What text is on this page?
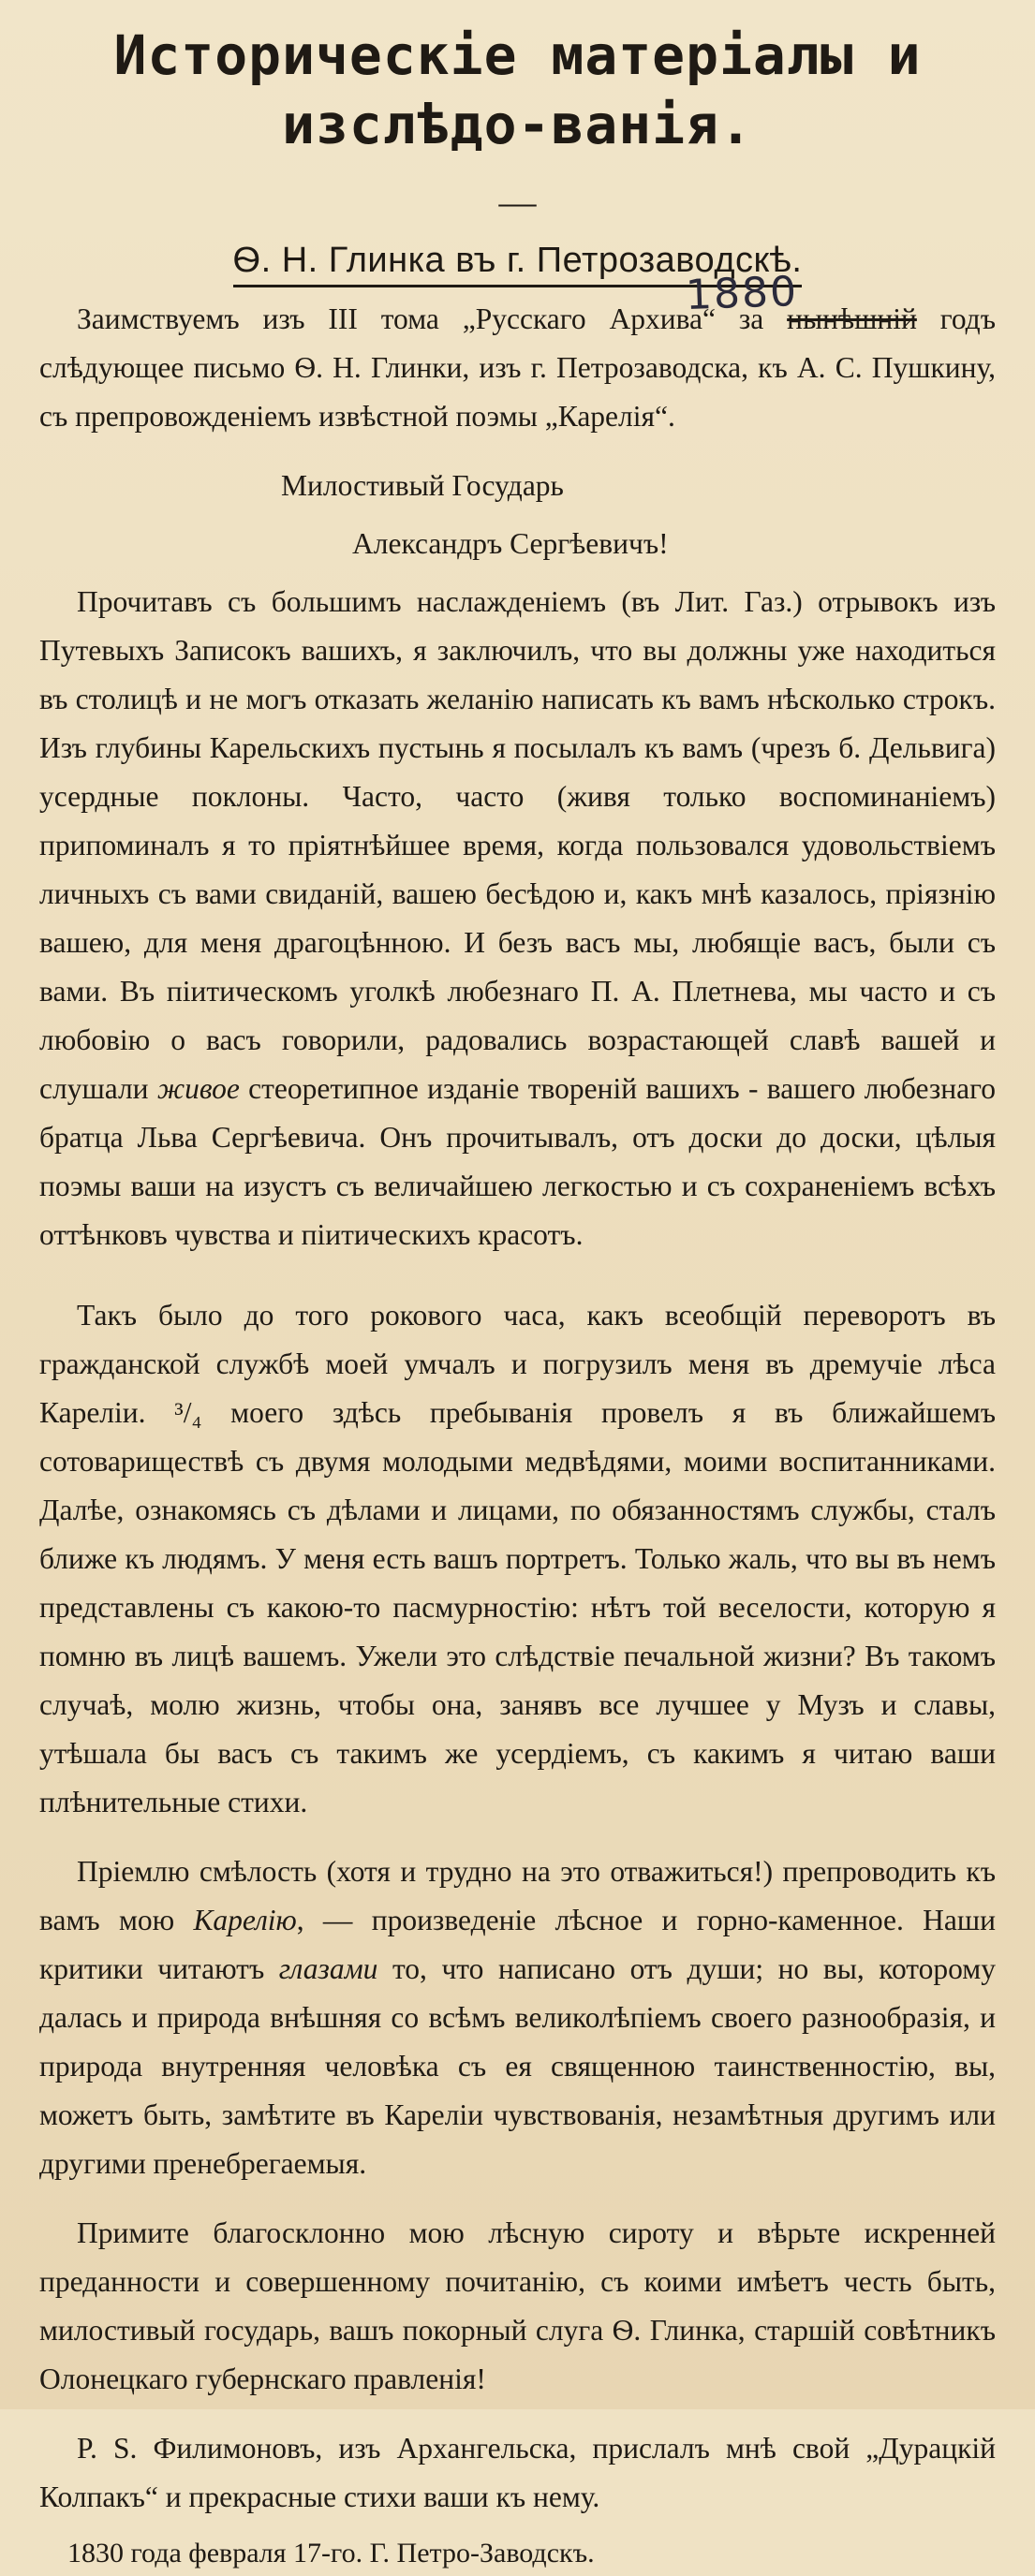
Историческіе матеріалы и изслѣдо-ванія.
—
Ѳ. Н. Глинка въ г. Петрозаводскѣ.
1880

Заимствуемъ изъ III тома „Русскаго Архива“ за нынѣшній годъ слѣдующее письмо Ѳ. Н. Глинки, изъ г. Петрозаводска, къ А. С. Пушкину, съ препровожденіемъ извѣстной поэмы „Карелія“.

Милостивый Государь

Александръ Сергѣевичъ!

Прочитавъ съ большимъ наслажденіемъ (въ Лит. Газ.) отрывокъ изъ Путевыхъ Записокъ вашихъ, я заключилъ, что вы должны уже находиться въ столицѣ и не могъ отказать желанію написать къ вамъ нѣсколько строкъ. Изъ глубины Карельскихъ пустынь я посылалъ къ вамъ (чрезъ б. Дельвига) усердные поклоны. Часто, часто (живя только воспоминаніемъ) припоминалъ я то пріятнѣйшее время, когда пользовался удовольствіемъ личныхъ съ вами свиданій, вашею бесѣдою и, какъ мнѣ казалось, пріязнію вашею, для меня драгоцѣнною. И безъ васъ мы, любящіе васъ, были съ вами. Въ піитическомъ уголкѣ любезнаго П. А. Плетнева, мы часто и съ любовію о васъ говорили, радовались возрастающей славѣ вашей и слушали живое стеоретипное изданіе твореній вашихъ - вашего любезнаго братца Льва Сергѣевича. Онъ прочитывалъ, отъ доски до доски, цѣлыя поэмы ваши на изустъ съ величайшею легкостью и съ сохраненіемъ всѣхъ оттѣнковъ чувства и піитическихъ красотъ.

Такъ было до того рокового часа, какъ всеобщій переворотъ въ гражданской службѣ моей умчалъ и погрузилъ меня въ дремучіе лѣса Кареліи. ³/₄ моего здѣсь пребыванія провелъ я въ ближайшемъ сотовариществѣ съ двумя молодыми медвѣдями, моими воспитанниками. Далѣе, ознакомясь съ дѣлами и лицами, по обязанностямъ службы, сталъ ближе къ людямъ. У меня есть вашъ портретъ. Только жаль, что вы въ немъ представлены съ какою-то пасмурностію: нѣтъ той веселости, которую я помню въ лицѣ вашемъ. Ужели это слѣдствіе печальной жизни? Въ такомъ случаѣ, молю жизнь, чтобы она, занявъ все лучшее у Музъ и славы, утѣшала бы васъ съ такимъ же усердіемъ, съ какимъ я читаю ваши плѣнительные стихи.

Пріемлю смѣлость (хотя и трудно на это отважиться!) препроводить къ вамъ мою Карелію, — произведеніе лѣсное и горно-каменное. Наши критики читаютъ глазами то, что написано отъ души; но вы, которому далась и природа внѣшняя со всѣмъ великолѣпіемъ своего разнообразія, и природа внутренняя человѣка съ ея священною таинственностію, вы, можетъ быть, замѣтите въ Кареліи чувствованія, незамѣтныя другимъ или другими пренебрегаемыя.

Примите благосклонно мою лѣсную сироту и вѣрьте искренней преданности и совершенному почитанію, съ коими имѣетъ честь быть, милостивый государь, вашъ покорный слуга Ѳ. Глинка, старшій совѣтникъ Олонецкаго губернскаго правленія!

P. S. Филимоновъ, изъ Архангельска, прислалъ мнѣ свой „Дурацкій Колпакъ“ и прекрасные стихи ваши къ нему.

1830 года февраля 17-го. Г. Петро-Заводскъ.
